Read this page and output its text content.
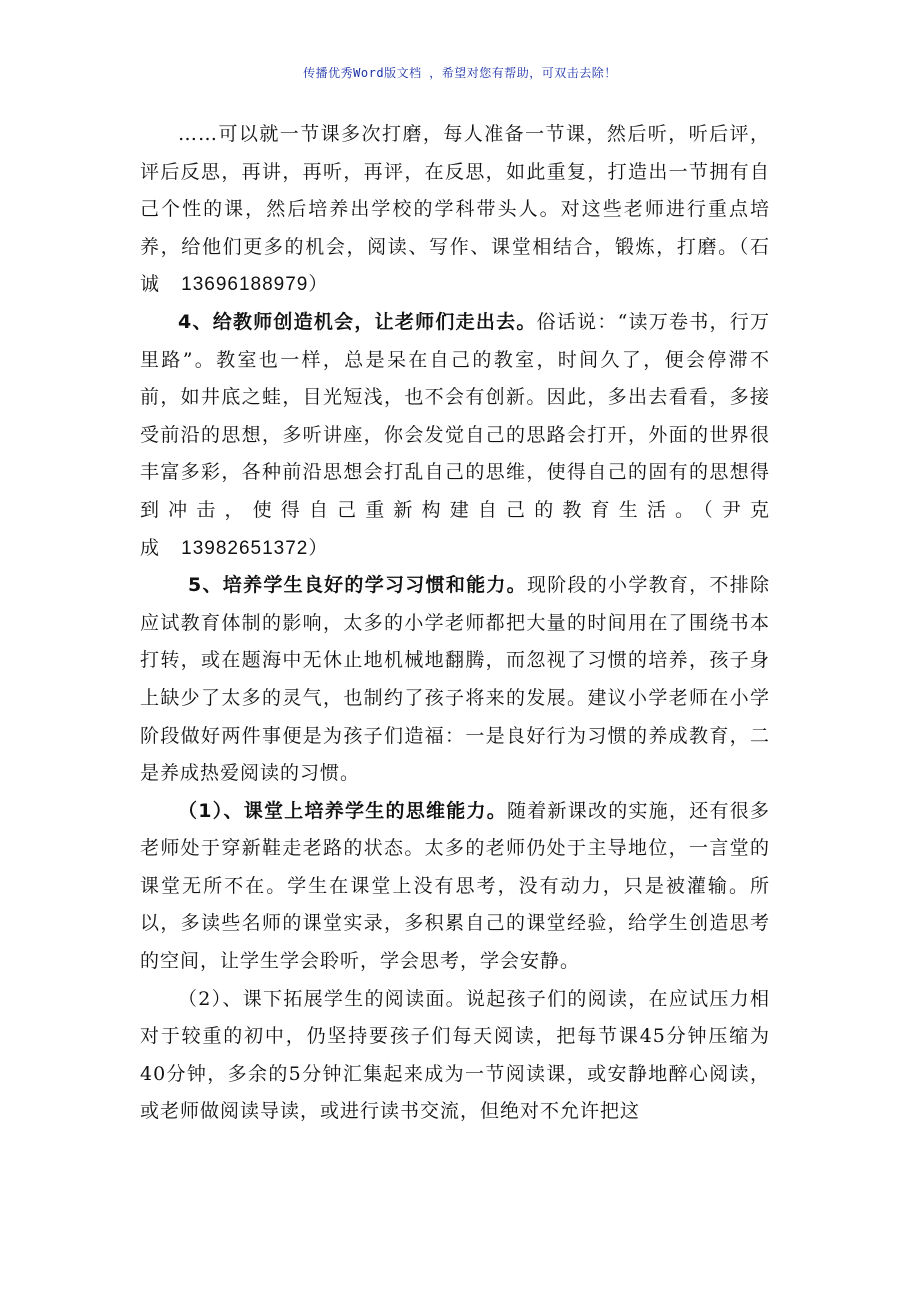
传播优秀Word版文档 ，希望对您有帮助，可双击去除！

……可以就一节课多次打磨，每人准备一节课，然后听，听后评，评后反思，再讲，再听，再评，在反思，如此重复，打造出一节拥有自己个性的课，然后培养出学校的学科带头人。对这些老师进行重点培养，给他们更多的机会，阅读、写作、课堂相结合，锻炼，打磨。（石诚 13696188979）

4、给教师创造机会，让老师们走出去。俗话说：“读万卷书，行万里路”。教室也一样，总是呆在自己的教室，时间久了，便会停滞不前，如井底之蛙，目光短浅，也不会有创新。因此，多出去看看，多接受前沿的思想，多听讲座，你会发觉自己的思路会打开，外面的世界很丰富多彩，各种前沿思想会打乱自己的思维，使得自己的固有的思想得到冲击，使得自己重新构建自己的教育生活。（尹克成 13982651372）

5、培养学生良好的学习习惯和能力。现阶段的小学教育，不排除应试教育体制的影响，太多的小学老师都把大量的时间用在了围绕书本打转，或在题海中无休止地机械地翻腾，而忽视了习惯的培养，孩子身上缺少了太多的灵气，也制约了孩子将来的发展。建议小学老师在小学阶段做好两件事便是为孩子们造福：一是良好行为习惯的养成教育，二是养成热爱阅读的习惯。

（1）、课堂上培养学生的思维能力。随着新课改的实施，还有很多老师处于穿新鞋走老路的状态。太多的老师仍处于主导地位，一言堂的课堂无所不在。学生在课堂上没有思考，没有动力，只是被灌输。所以，多读些名师的课堂实录，多积累自己的课堂经验，给学生创造思考的空间，让学生学会聆听，学会思考，学会安静。

（2）、课下拓展学生的阅读面。说起孩子们的阅读，在应试压力相对于较重的初中，仍坚持要孩子们每天阅读，把每节课45分钟压缩为40分钟，多余的5分钟汇集起来成为一节阅读课，或安静地醉心阅读，或老师做阅读导读，或进行读书交流，但绝对不允许把这
